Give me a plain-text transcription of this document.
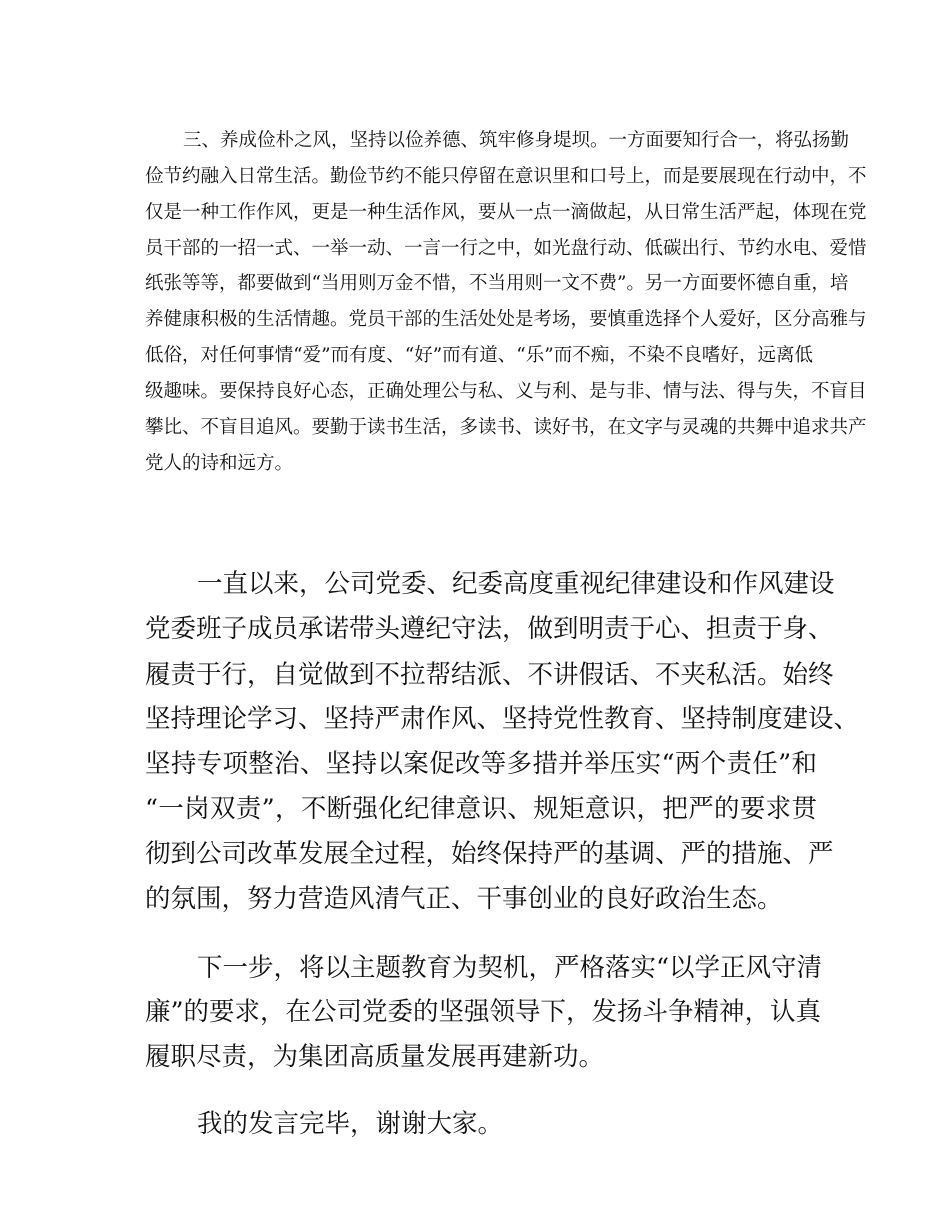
三、养成俭朴之风，坚持以俭养德、筑牢修身堤坝。一方面要知行合一，将弘扬勤
俭节约融入日常生活。勤俭节约不能只停留在意识里和口号上，而是要展现在行动中，不
仅是一种工作作风，更是一种生活作风，要从一点一滴做起，从日常生活严起，体现在党
员干部的一招一式、一举一动、一言一行之中，如光盘行动、低碳出行、节约水电、爱惜
纸张等等，都要做到“当用则万金不惜，不当用则一文不费”。另一方面要怀德自重，培
养健康积极的生活情趣。党员干部的生活处处是考场，要慎重选择个人爱好，区分高雅与
低俗，对任何事情“爱”而有度、“好”而有道、“乐”而不痴，不染不良嗜好，远离低
级趣味。要保持良好心态，正确处理公与私、义与利、是与非、情与法、得与失，不盲目
攀比、不盲目追风。要勤于读书生活，多读书、读好书，在文字与灵魂的共舞中追求共产
党人的诗和远方。
一直以来，公司党委、纪委高度重视纪律建设和作风建设
党委班子成员承诺带头遵纪守法，做到明责于心、担责于身、
履责于行，自觉做到不拉帮结派、不讲假话、不夹私活。始终
坚持理论学习、坚持严肃作风、坚持党性教育、坚持制度建设、
坚持专项整治、坚持以案促改等多措并举压实“两个责任”和
“一岗双责”，不断强化纪律意识、规矩意识，把严的要求贯
彻到公司改革发展全过程，始终保持严的基调、严的措施、严
的氛围，努力营造风清气正、干事创业的良好政治生态。
下一步，将以主题教育为契机，严格落实“以学正风守清
廉”的要求，在公司党委的坚强领导下，发扬斗争精神，认真
履职尽责，为集团高质量发展再建新功。
我的发言完毕，谢谢大家。
